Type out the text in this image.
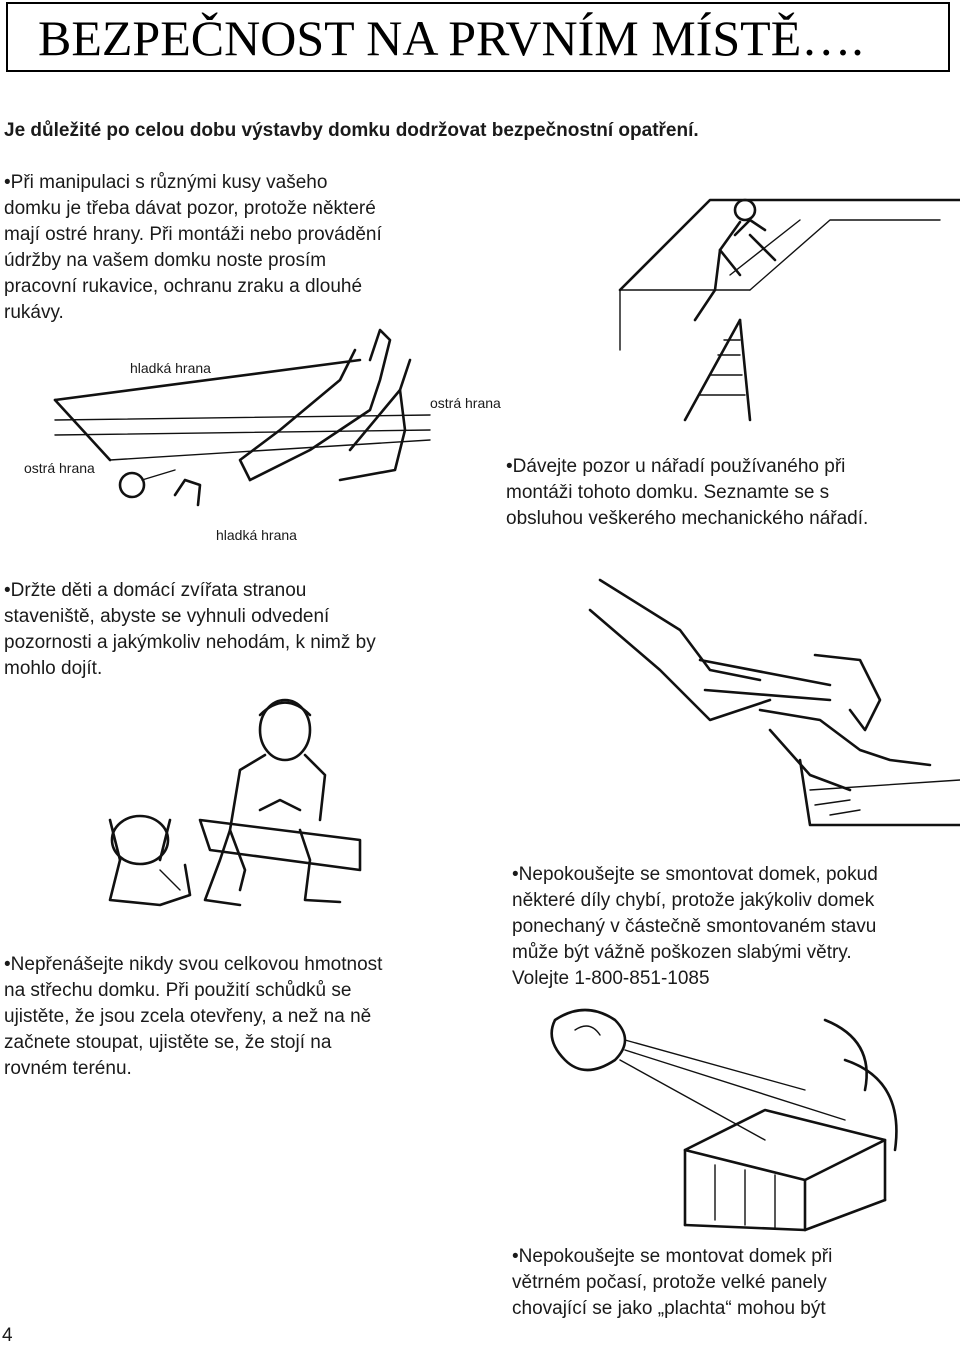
BEZPEČNOST NA PRVNÍM MÍSTĚ….
Je důležité po celou dobu výstavby domku dodržovat bezpečnostní opatření.
•Při manipulaci s různými kusy vašeho
domku je třeba dávat pozor, protože některé
mají ostré hrany. Při montáži nebo provádění
údržby na vašem domku noste prosím
pracovní rukavice, ochranu zraku a dlouhé
rukávy.
hladká hrana
ostrá hrana
ostrá hrana
hladká hrana
•Dávejte pozor u nářadí používaného při
montáži tohoto domku. Seznamte se s
obsluhou veškerého mechanického nářadí.
•Držte děti a domácí zvířata stranou
staveniště, abyste se vyhnuli odvedení
pozornosti a jakýmkoliv nehodám, k nimž by
mohlo dojít.
•Nepokoušejte se smontovat domek, pokud
některé díly chybí, protože jakýkoliv domek
ponechaný v částečně smontovaném stavu
může být vážně poškozen slabými větry.
Volejte 1-800-851-1085
•Nepřenášejte nikdy svou celkovou hmotnost
na střechu domku. Při použití schůdků se
ujistěte, že jsou zcela otevřeny, a než na ně
začnete stoupat, ujistěte se, že stojí na
rovném terénu.
•Nepokoušejte se montovat domek při
větrném počasí, protože velké panely
chovající se jako „plachta“ mohou být
4
